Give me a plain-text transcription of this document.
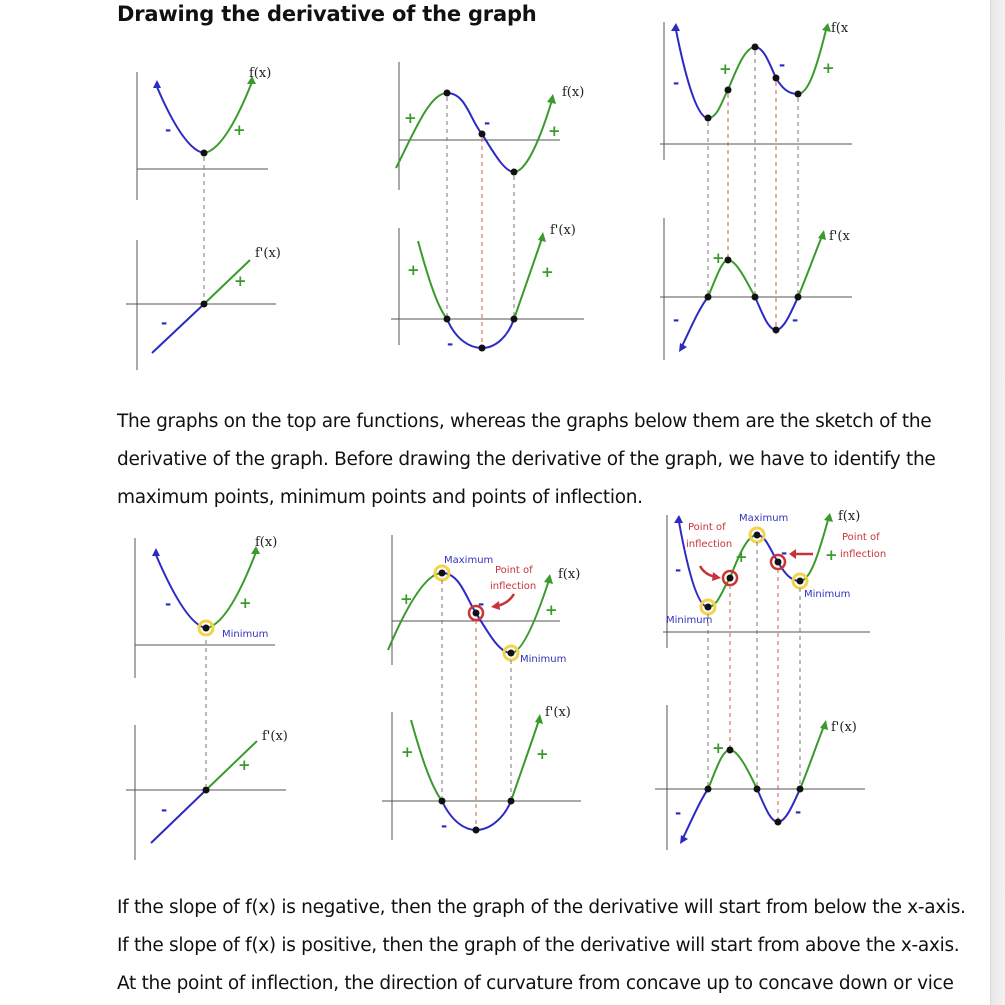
Drawing the derivative of the graph
f(x)
-	+
f'(x)
-
+
f(x)
+	-	+
f'(x)
+	+
-
f(x
-
+	- +
f'(x
+
-	-

The graphs on the top are functions, whereas the graphs below them are the sketch of the

derivative of the graph. Before drawing the derivative of the graph, we have to identify the

maximum points, minimum points and points of inflection.

Minimum
f(x)
-	+
f'(x)
-
+
Maximum
Point of
inflection
Minimum
f(x)
+	-	+
f'(x)
+	+
-
Maximum
Point of
inflection
Point of
inflection
Minimum
Minimum
f(x)
-
+ -	+
f'(x)
+
-	-

If the slope of f(x) is negative, then the graph of the derivative will start from below the x-axis.

If the slope of f(x) is positive, then the graph of the derivative will start from above the x-axis.

At the point of inflection, the direction of curvature from concave up to concave down or vice
